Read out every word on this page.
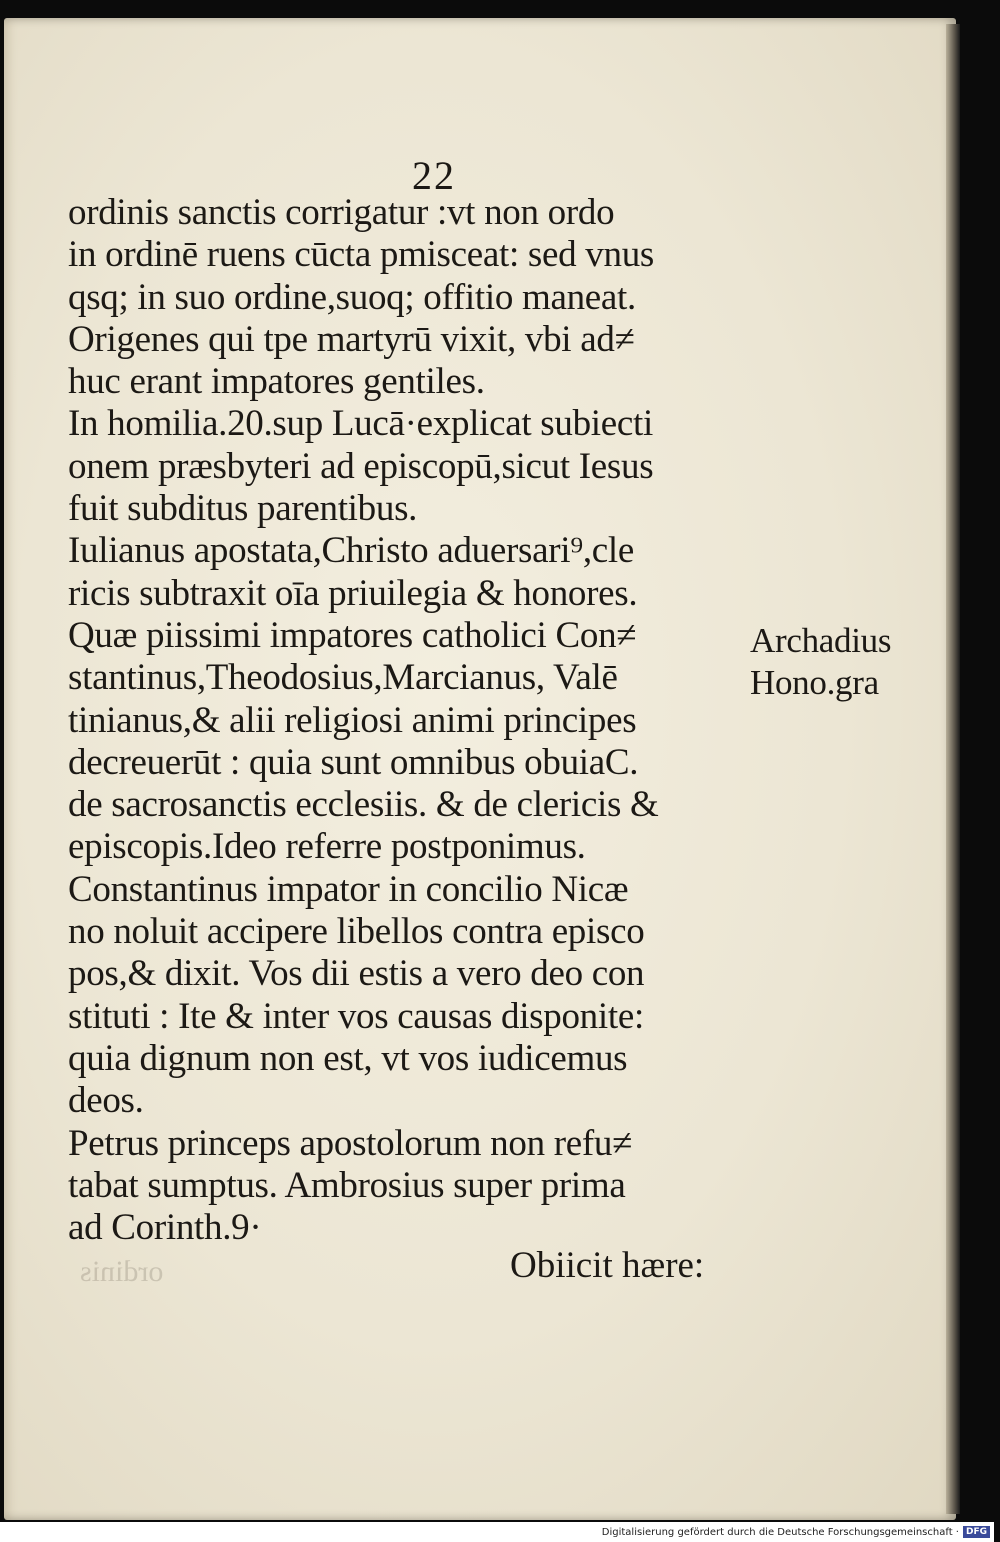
ordinis
22
ordinis sanctis corrigatur :vt non ordo
in ordinē ruens cūcta pmisceat: sed vnus
qsq; in suo ordine,suoq; offitio maneat.
Origenes qui tpe martyrū vixit, vbi ad≠
huc erant impatores gentiles.
In homilia.20.sup Lucā·explicat subiecti
onem præsbyteri ad episcopū,sicut Iesus
fuit subditus parentibus.
Iulianus apostata,Christo aduersari⁹,cle
ricis subtraxit oīa priuilegia & honores.
Quæ piissimi impatores catholici Con≠
stantinus,Theodosius,Marcianus, Valē
tinianus,& alii religiosi animi principes
decreuerūt : quia sunt omnibus obuiaC.
de sacrosanctis ecclesiis. & de clericis &
episcopis.Ideo referre postponimus.
Constantinus impator in concilio Nicæ
no noluit accipere libellos contra episco
pos,& dixit. Vos dii estis a vero deo con
stituti : Ite & inter vos causas disponite:
quia dignum non est, vt vos iudicemus
deos.
Petrus princeps apostolorum non refu≠
tabat sumptus. Ambrosius super prima
ad Corinth.9·
Archadius
Hono.gra
Obiicit hære:
Digitalisierung gefördert durch die Deutsche Forschungsgemeinschaft · DFG
